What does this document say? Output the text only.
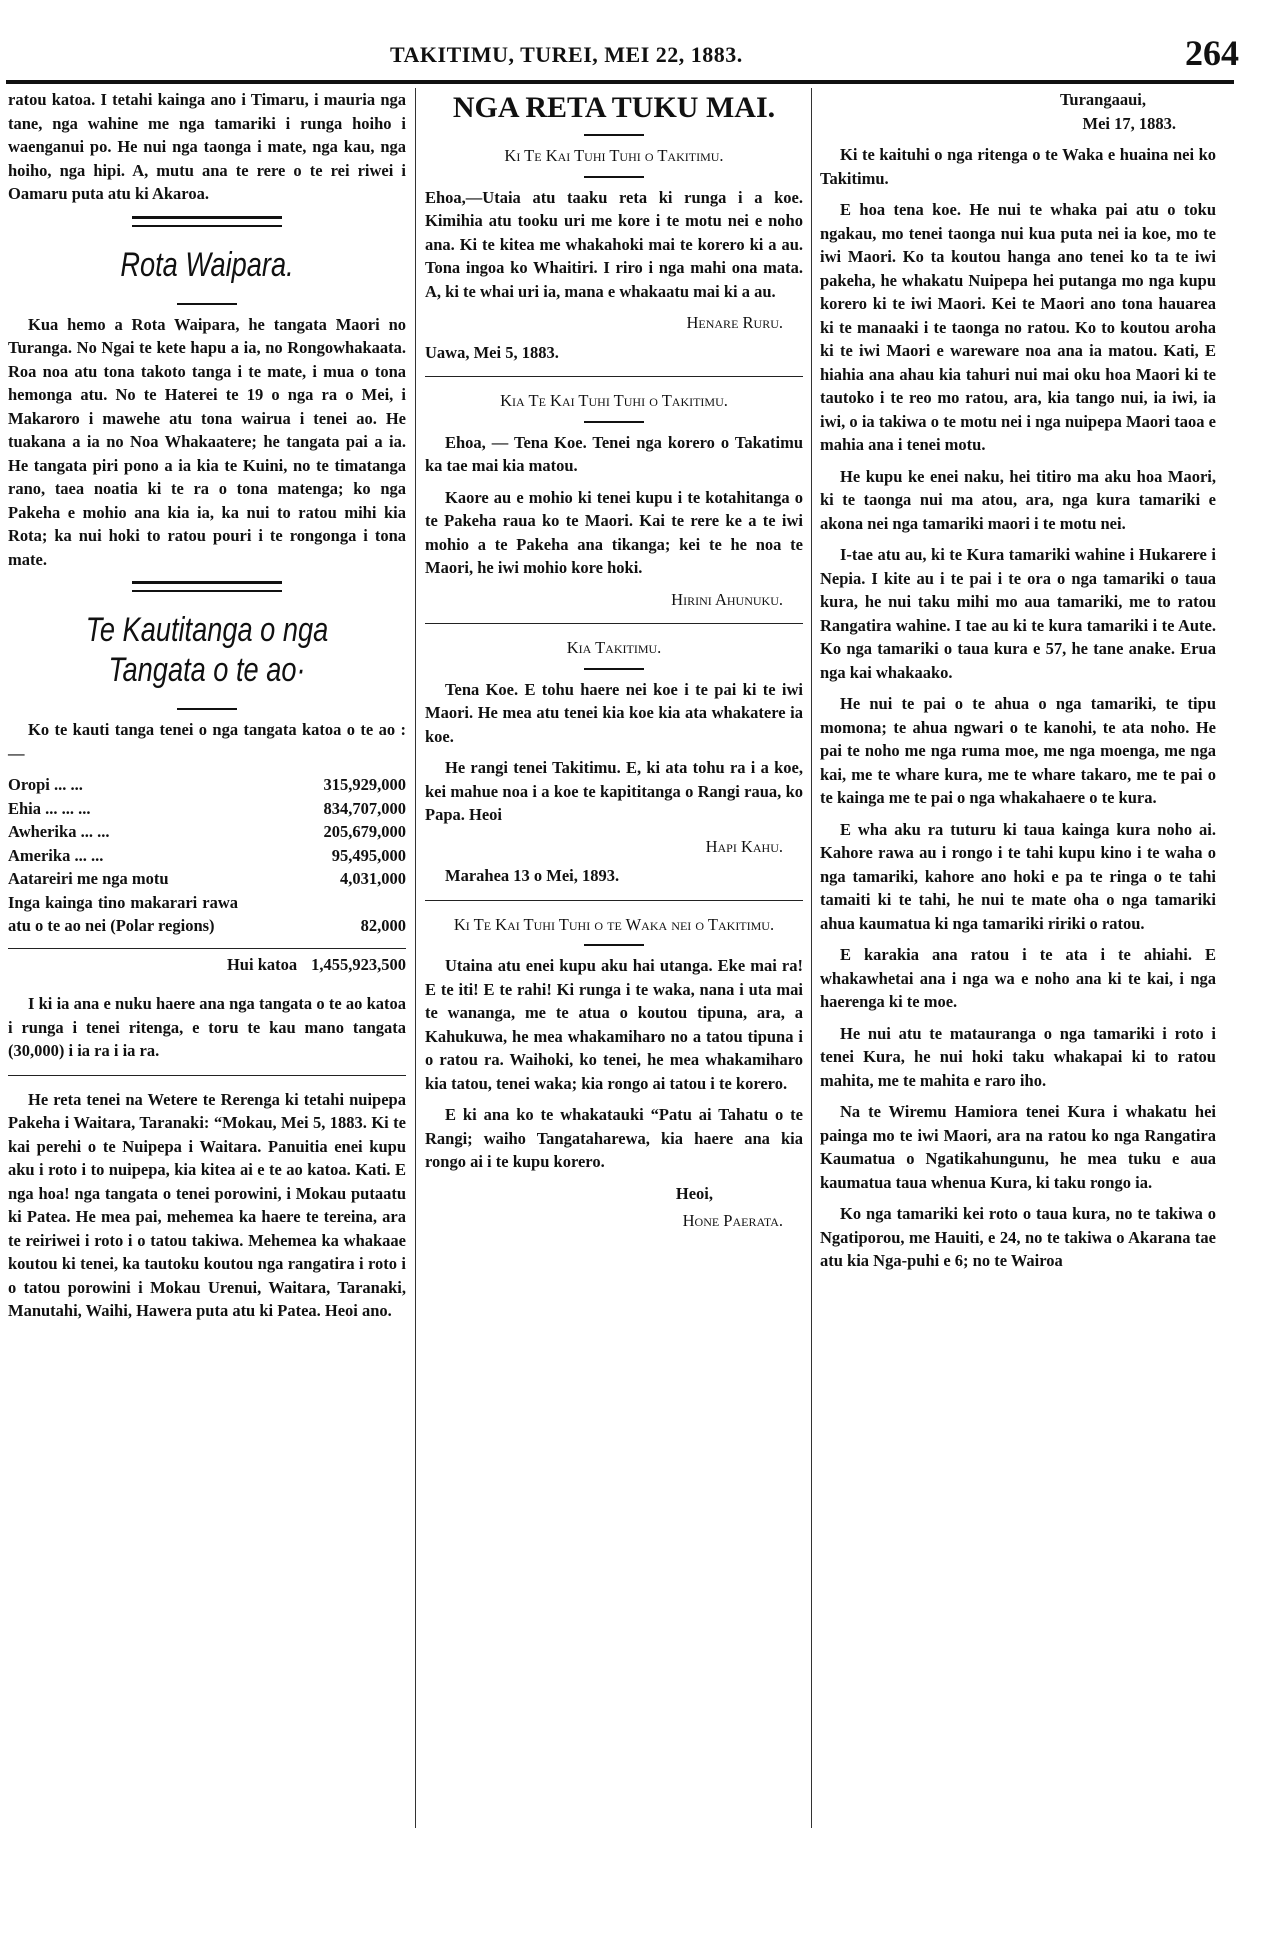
TAKITIMU, TUREI, MEI 22, 1883.	264

ratou katoa. I tetahi kainga ano i Timaru, i mauria nga tane, nga wahine me nga tamariki i runga hoiho i waenganui po. He nui nga taonga i mate, nga kau, nga hoiho, nga hipi. A, mutu ana te rere o te rei riwei i Oamaru puta atu ki Akaroa.

Rota Waipara.

Kua hemo a Rota Waipara, he tangata Maori no Turanga. No Ngai te kete hapu a ia, no Rongowhakaata. Roa noa atu tona takoto tanga i te mate, i mua o tona hemonga atu. No te Haterei te 19 o nga ra o Mei, i Makaroro i mawehe atu tona wairua i tenei ao. He tuakana a ia no Noa Whakaatere; he tangata pai a ia. He tangata piri pono a ia kia te Kuini, no te timatanga rano, taea noatia ki te ra o tona matenga; ko nga Pakeha e mohio ana kia ia, ka nui to ratou mihi kia Rota; ka nui hoki to ratou pouri i te rongonga i tona mate.

Te Kautitanga o nga Tangata o te ao·

Ko te kauti tanga tenei o nga tangata katoa o te ao :—

Oropi ... ...	315,929,000
Ehia ... ... ...	834,707,000
Awherika ... ...	205,679,000
Amerika ... ...	95,495,000
Aatareiri me nga motu	4,031,000
Inga kainga tino makarari rawa atu o te ao nei (Polar regions)	82,000
Hui katoa 1,455,923,500

I ki ia ana e nuku haere ana nga tangata o te ao katoa i runga i tenei ritenga, e toru te kau mano tangata (30,000) i ia ra i ia ra.

He reta tenei na Wetere te Rerenga ki tetahi nuipepa Pakeha i Waitara, Taranaki: “Mokau, Mei 5, 1883. Ki te kai perehi o te Nuipepa i Waitara. Panuitia enei kupu aku i roto i to nuipepa, kia kitea ai e te ao katoa. Kati. E nga hoa! nga tangata o tenei porowini, i Mokau putaatu ki Patea. He mea pai, mehemea ka haere te tereina, ara te reiriwei i roto i o tatou takiwa. Mehemea ka whakaae koutou ki tenei, ka tautoku koutou nga rangatira i roto i o tatou porowini i Mokau Urenui, Waitara, Taranaki, Manutahi, Waihi, Hawera puta atu ki Patea. Heoi ano.

NGA RETA TUKU MAI.
Ki Te Kai Tuhi Tuhi o Takitimu.

Ehoa,—Utaia atu taaku reta ki runga i a koe. Kimihia atu tooku uri me kore i te motu nei e noho ana. Ki te kitea me whakahoki mai te korero ki a au. Tona ingoa ko Whaitiri. I riro i nga mahi ona mata. A, ki te whai uri ia, mana e whakaatu mai ki a au.

Henare Ruru.

Uawa, Mei 5, 1883.

Kia Te Kai Tuhi Tuhi o Takitimu.

Ehoa, — Tena Koe. Tenei nga korero o Takatimu ka tae mai kia matou.

Kaore au e mohio ki tenei kupu i te kotahitanga o te Pakeha raua ko te Maori. Kai te rere ke a te iwi mohio a te Pakeha ana tikanga; kei te he noa te Maori, he iwi mohio kore hoki.

Hirini Ahunuku.
Kia Takitimu.

Tena Koe. E tohu haere nei koe i te pai ki te iwi Maori. He mea atu tenei kia koe kia ata whakatere ia koe.

He rangi tenei Takitimu. E, ki ata tohu ra i a koe, kei mahue noa i a koe te kapititanga o Rangi raua, ko Papa. Heoi

Hapi Kahu.

Marahea 13 o Mei, 1893.

Ki Te Kai Tuhi Tuhi o te Waka nei o Takitimu.

Utaina atu enei kupu aku hai utanga. Eke mai ra! E te iti! E te rahi! Ki runga i te waka, nana i uta mai te wananga, me te atua o koutou tipuna, ara, a Kahukuwa, he mea whakamiharo no a tatou tipuna i o ratou ra. Waihoki, ko tenei, he mea whakamiharo kia tatou, tenei waka; kia rongo ai tatou i te korero.

E ki ana ko te whakatauki “Patu ai Tahatu o te Rangi; waiho Tangataharewa, kia haere ana kia rongo ai i te kupu korero.

Heoi,
Hone Paerata.
Turangaaui,
Mei 17, 1883.

Ki te kaituhi o nga ritenga o te Waka e huaina nei ko Takitimu.

E hoa tena koe. He nui te whaka pai atu o toku ngakau, mo tenei taonga nui kua puta nei ia koe, mo te iwi Maori. Ko ta koutou hanga ano tenei ko ta te iwi pakeha, he whakatu Nuipepa hei putanga mo nga kupu korero ki te iwi Maori. Kei te Maori ano tona hauarea ki te manaaki i te taonga no ratou. Ko to koutou aroha ki te iwi Maori e wareware noa ana ia matou. Kati, E hiahia ana ahau kia tahuri nui mai oku hoa Maori ki te tautoko i te reo mo ratou, ara, kia tango nui, ia iwi, ia iwi, o ia takiwa o te motu nei i nga nuipepa Maori taoa e mahia ana i tenei motu.

He kupu ke enei naku, hei titiro ma aku hoa Maori, ki te taonga nui ma atou, ara, nga kura tamariki e akona nei nga tamariki maori i te motu nei.

I-tae atu au, ki te Kura tamariki wahine i Hukarere i Nepia. I kite au i te pai i te ora o nga tamariki o taua kura, he nui taku mihi mo aua tamariki, me to ratou Rangatira wahine. I tae au ki te kura tamariki i te Aute. Ko nga tamariki o taua kura e 57, he tane anake. Erua nga kai whakaako.

He nui te pai o te ahua o nga tamariki, te tipu momona; te ahua ngwari o te kanohi, te ata noho. He pai te noho me nga ruma moe, me nga moenga, me nga kai, me te whare kura, me te whare takaro, me te pai o te kainga me te pai o nga whakahaere o te kura.

E wha aku ra tuturu ki taua kainga kura noho ai. Kahore rawa au i rongo i te tahi kupu kino i te waha o nga tamariki, kahore ano hoki e pa te ringa o te tahi tamaiti ki te tahi, he nui te mate oha o nga tamariki ahua kaumatua ki nga tamariki ririki o ratou.

E karakia ana ratou i te ata i te ahiahi. E whakawhetai ana i nga wa e noho ana ki te kai, i nga haerenga ki te moe.

He nui atu te matauranga o nga tamariki i roto i tenei Kura, he nui hoki taku whakapai ki to ratou mahita, me te mahita e raro iho.

Na te Wiremu Hamiora tenei Kura i whakatu hei painga mo te iwi Maori, ara na ratou ko nga Rangatira Kaumatua o Ngatikahungunu, he mea tuku e aua kaumatua taua whenua Kura, ki taku rongo ia.

Ko nga tamariki kei roto o taua kura, no te takiwa o Ngatiporou, me Hauiti, e 24, no te takiwa o Akarana tae atu kia Nga-puhi e 6; no te Wairoa
